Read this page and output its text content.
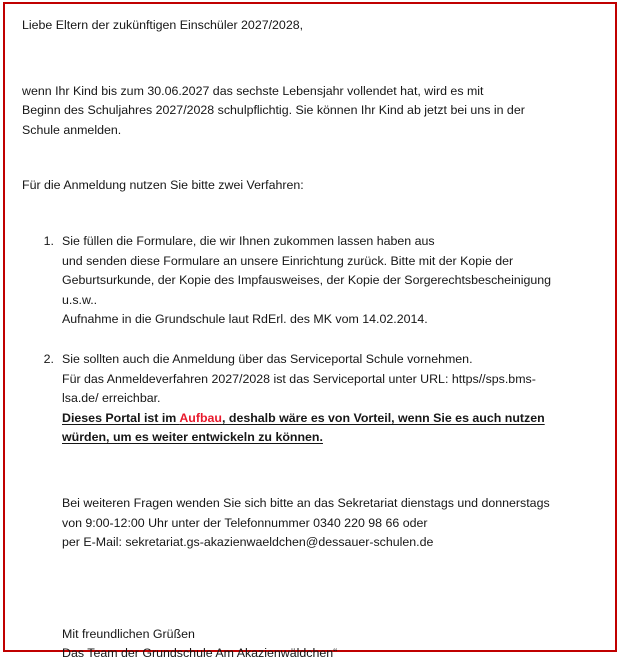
Liebe Eltern der zukünftigen Einschüler 2027/2028,

wenn Ihr Kind bis zum 30.06.2027 das sechste Lebensjahr vollendet hat, wird es mit

Beginn des Schuljahres 2027/2028 schulpflichtig. Sie können Ihr Kind ab jetzt bei uns in der

Schule anmelden.

Für die Anmeldung nutzen Sie bitte zwei Verfahren:

1. Sie füllen die Formulare, die wir Ihnen zukommen lassen haben aus
und senden diese Formulare an unsere Einrichtung zurück. Bitte mit der Kopie der
Geburtsurkunde, der Kopie des Impfausweises, der Kopie der Sorgerechtsbescheinigung
u.s.w..
Aufnahme in die Grundschule laut RdErl. des MK vom 14.02.2014.
2. Sie sollten auch die Anmeldung über das Serviceportal Schule vornehmen.
Für das Anmeldeverfahren 2027/2028 ist das Serviceportal unter URL: https//sps.bms-
lsa.de/ erreichbar.
Dieses Portal ist im Aufbau, deshalb wäre es von Vorteil, wenn Sie es auch nutzen
würden, um es weiter entwickeln zu können.
Bei weiteren Fragen wenden Sie sich bitte an das Sekretariat dienstags und donnerstags
von 9:00-12:00 Uhr unter der Telefonnummer 0340 220 98 66 oder
per E-Mail: sekretariat.gs-akazienwaeldchen@dessauer-schulen.de
Mit freundlichen Grüßen
Das Team der Grundschule Am Akazienwäldchen“
